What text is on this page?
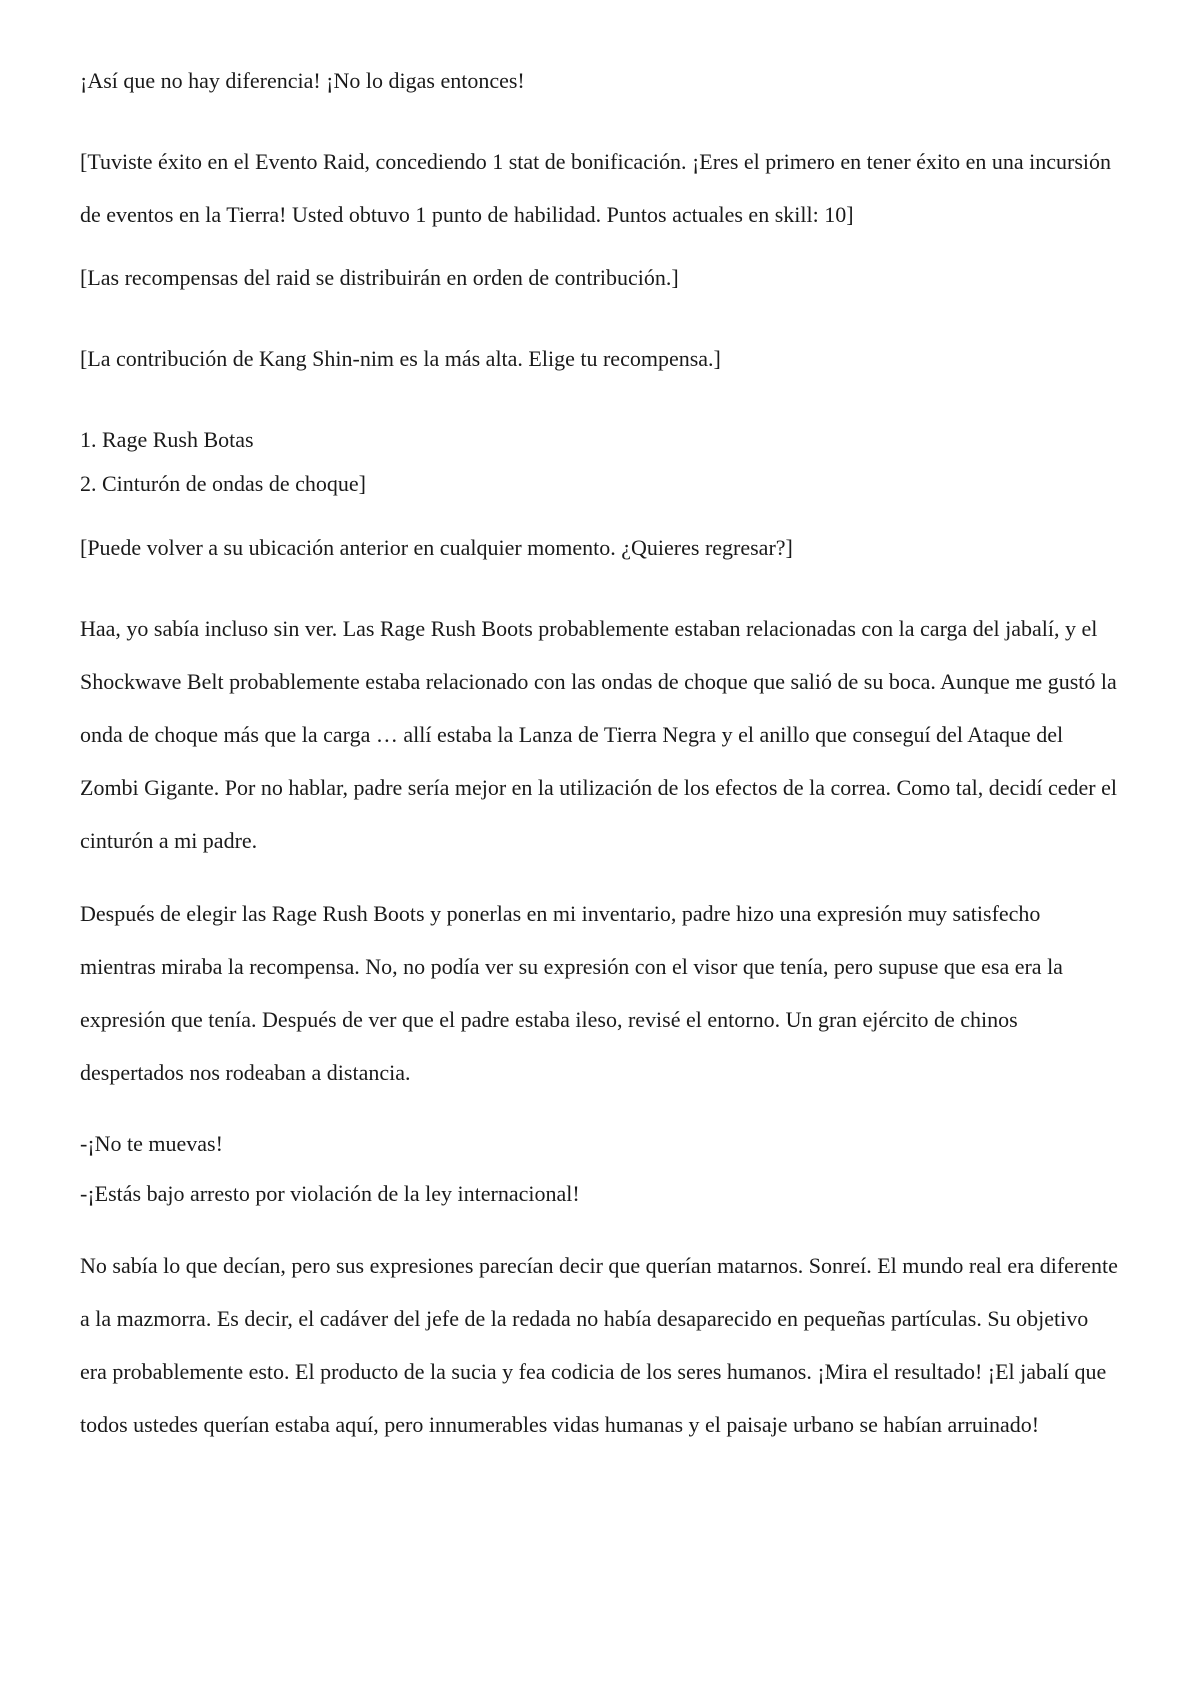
¡Así que no hay diferencia! ¡No lo digas entonces!

[Tuviste éxito en el Evento Raid, concediendo 1 stat de bonificación. ¡Eres el primero en tener éxito en una incursión de eventos en la Tierra! Usted obtuvo 1 punto de habilidad. Puntos actuales en skill: 10]

[Las recompensas del raid se distribuirán en orden de contribución.]

[La contribución de Kang Shin-nim es la más alta. Elige tu recompensa.]

1. Rage Rush Botas

2. Cinturón de ondas de choque]

[Puede volver a su ubicación anterior en cualquier momento. ¿Quieres regresar?]

Haa, yo sabía incluso sin ver. Las Rage Rush Boots probablemente estaban relacionadas con la carga del jabalí, y el Shockwave Belt probablemente estaba relacionado con las ondas de choque que salió de su boca. Aunque me gustó la onda de choque más que la carga … allí estaba la Lanza de Tierra Negra y el anillo que conseguí del Ataque del Zombi Gigante. Por no hablar, padre sería mejor en la utilización de los efectos de la correa. Como tal, decidí ceder el cinturón a mi padre.

Después de elegir las Rage Rush Boots y ponerlas en mi inventario, padre hizo una expresión muy satisfecho mientras miraba la recompensa. No, no podía ver su expresión con el visor que tenía, pero supuse que esa era la expresión que tenía. Después de ver que el padre estaba ileso, revisé el entorno. Un gran ejército de chinos despertados nos rodeaban a distancia.

-¡No te muevas!

-¡Estás bajo arresto por violación de la ley internacional!

No sabía lo que decían, pero sus expresiones parecían decir que querían matarnos. Sonreí. El mundo real era diferente a la mazmorra. Es decir, el cadáver del jefe de la redada no había desaparecido en pequeñas partículas. Su objetivo era probablemente esto. El producto de la sucia y fea codicia de los seres humanos. ¡Mira el resultado! ¡El jabalí que todos ustedes querían estaba aquí, pero innumerables vidas humanas y el paisaje urbano se habían arruinado!
